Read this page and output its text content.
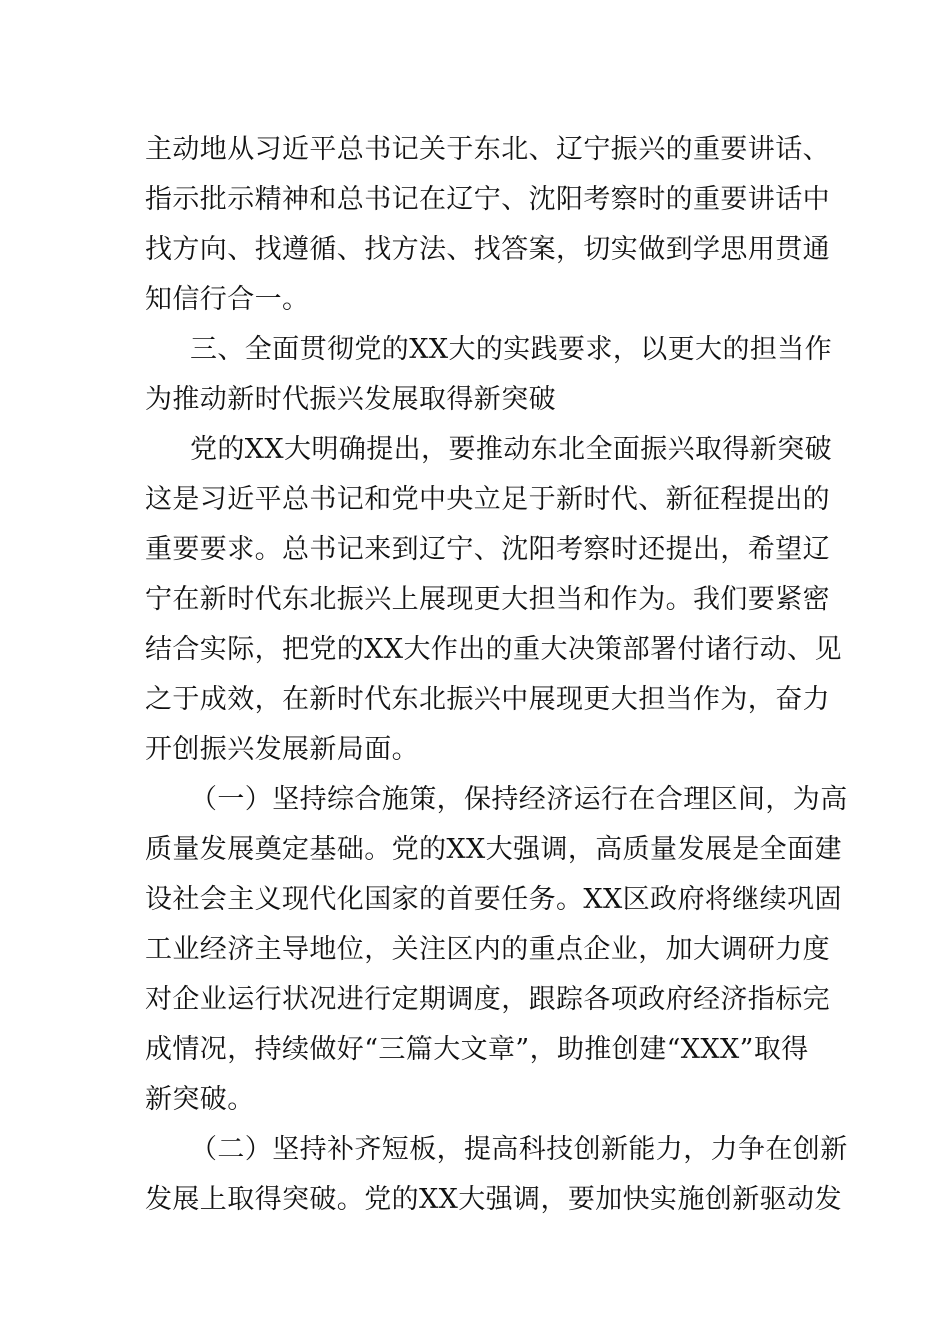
主动地从习近平总书记关于东北、辽宁振兴的重要讲话、
指示批示精神和总书记在辽宁、沈阳考察时的重要讲话中
找方向、找遵循、找方法、找答案，切实做到学思用贯通
知信行合一。
三、全面贯彻党的XX大的实践要求，以更大的担当作
为推动新时代振兴发展取得新突破
党的XX大明确提出，要推动东北全面振兴取得新突破
这是习近平总书记和党中央立足于新时代、新征程提出的
重要要求。总书记来到辽宁、沈阳考察时还提出，希望辽
宁在新时代东北振兴上展现更大担当和作为。我们要紧密
结合实际，把党的XX大作出的重大决策部署付诸行动、见
之于成效，在新时代东北振兴中展现更大担当作为，奋力
开创振兴发展新局面。
（一）坚持综合施策，保持经济运行在合理区间，为高
质量发展奠定基础。党的XX大强调，高质量发展是全面建
设社会主义现代化国家的首要任务。XX区政府将继续巩固
工业经济主导地位，关注区内的重点企业，加大调研力度
对企业运行状况进行定期调度，跟踪各项政府经济指标完
成情况，持续做好“三篇大文章”，助推创建“XXX”取得
新突破。
（二）坚持补齐短板，提高科技创新能力，力争在创新
发展上取得突破。党的XX大强调，要加快实施创新驱动发
